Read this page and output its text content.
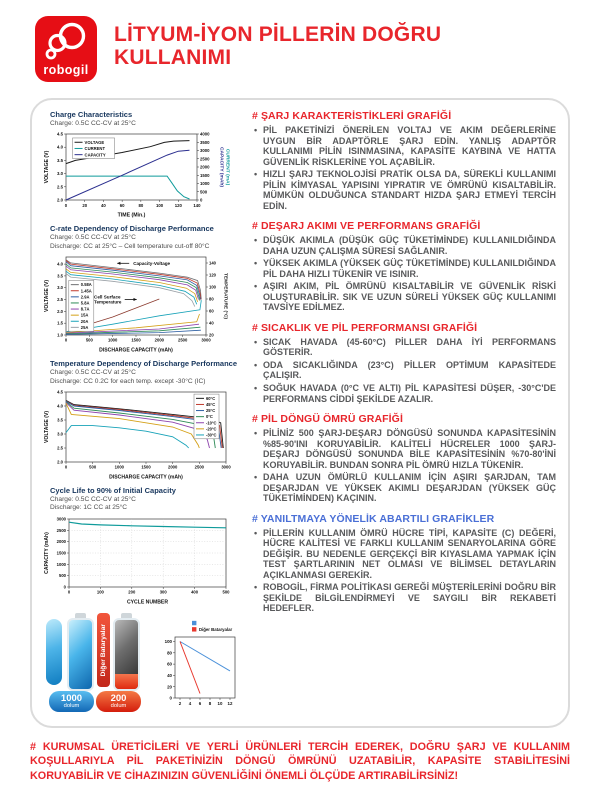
robogil
LİTYUM-İYON PİLLERİN DOĞRU
KULLANIMI
Charge Characteristics
Charge: 0.5C CC-CV at 25°C
0	20	40	60	80	100	120	140
2.0
2.5
3.0
3.5
4.0
4.5
0
500
1000
1500
2000
2500
3000
3500
4000
VOLTAGE
CURRENT
CAPACITY
TIME (Min.)
VOLTAGE (V)	CAPACITY (mAh) CURRENT (mA)
C-rate Dependency of Discharge Performance
Charge: 0.5C CC-CV at 25°C
Discharge: CC at 25°C – Cell temperature cut-off 80°C
0	500	1000	1500	2000	2500	3000
1.0
1.5
2.0
2.5
3.0
3.5
4.0
20
40
60
80
100
120
140
0.58A
1.45A
2.9A
5.8A
8.7A
15A
20A
25A
DISCHARGE CAPACITY (mAh)
VOLTAGE (V)	TEMPERATURE (°C)
Capacity-Voltage
Cell Surface Temperature
Temperature Dependency of Discharge Performance
Charge: 0.5C CC-CV at 25°C
Discharge: CC 0.2C for each temp. except -30°C (IC)
0	500	1000	1500	2000	2500	3000
2.0
2.5
3.0
3.5
4.0
4.5
60°C
45°C
25°C
0°C
-10°C
-20°C
-30°C
DISCHARGE CAPACITY (mAh)
VOLTAGE (V)
Cycle Life to 90% of Initial Capacity
Charge: 0.5C CC-CV at 25°C
Discharge: 1C CC at 25°C
0	100	200	300	400	500
0
500
1000
1500
2000
2500
3000
CYCLE NUMBER
CAPACITY (mAh)
Diğer Bataryalar
1000
dolum
200
dolum
2 4 6 8 10 12
0
20
40
60
80
100
Diğer Bataryalar
# ŞARJ KARAKTERİSTİKLERİ GRAFİĞİ
• PİL PAKETİNİZİ ÖNERİLEN VOLTAJ VE AKIM DEĞERLERİNE UYGUN BİR ADAPTÖRLE ŞARJ EDİN. YANLIŞ ADAPTÖR KULLANIMI PİLİN ISINMASINA, KAPASİTE KAYBINA VE HATTA GÜVENLİK RİSKLERİNE YOL AÇABİLİR.
• HIZLI ŞARJ TEKNOLOJİSİ PRATİK OLSA DA, SÜREKLİ KULLANIMI PİLİN KİMYASAL YAPISINI YIPRATIR VE ÖMRÜNÜ KISALTABİLİR. MÜMKÜN OLDUĞUNCA STANDART HIZDA ŞARJ ETMEYİ TERCİH EDİN.
# DEŞARJ AKIMI VE PERFORMANS GRAFİĞİ
• DÜŞÜK AKIMLA (DÜŞÜK GÜÇ TÜKETİMİNDE) KULLANILDIĞINDA DAHA UZUN ÇALIŞMA SÜRESİ SAĞLANIR.
• YÜKSEK AKIMLA (YÜKSEK GÜÇ TÜKETİMİNDE) KULLANILDIĞINDA PİL DAHA HIZLI TÜKENİR VE ISINIR.
• AŞIRI AKIM, PİL ÖMRÜNÜ KISALTABİLİR VE GÜVENLİK RİSKİ OLUŞTURABİLİR. SIK VE UZUN SÜRELİ YÜKSEK GÜÇ KULLANIMI TAVSİYE EDİLMEZ.
# SICAKLIK VE PİL PERFORMANSI GRAFİĞİ
• SICAK HAVADA (45-60°C) PİLLER DAHA İYİ PERFORMANS GÖSTERİR.
• ODA SICAKLIĞINDA (23°C) PİLLER OPTİMUM KAPASİTEDE ÇALIŞIR.
• SOĞUK HAVADA (0°C VE ALTI) PİL KAPASİTESİ DÜŞER, -30°C'DE PERFORMANS CİDDİ ŞEKİLDE AZALIR.
# PİL DÖNGÜ ÖMRÜ GRAFİĞİ
• PİLİNİZ 500 ŞARJ-DEŞARJ DÖNGÜSÜ SONUNDA KAPASİTESİNİN %85-90'INI KORUYABİLİR. KALİTELİ HÜCRELER 1000 ŞARJ-DEŞARJ DÖNGÜSÜ SONUNDA BİLE KAPASİTESİNİN %70-80'İNİ KORUYABİLİR. BUNDAN SONRA PİL ÖMRÜ HIZLA TÜKENİR.
• DAHA UZUN ÖMÜRLÜ KULLANIM İÇİN AŞIRI ŞARJDAN, TAM DEŞARJDAN VE YÜKSEK AKIMLI DEŞARJDAN (YÜKSEK GÜÇ TÜKETİMİNDEN) KAÇININ.
# YANILTMAYA YÖNELİK ABARTILI GRAFİKLER
• PİLLERİN KULLANIM ÖMRÜ HÜCRE TİPİ, KAPASİTE (C) DEĞERİ, HÜCRE KALİTESİ VE FARKLI KULLANIM SENARYOLARINA GÖRE DEĞİŞİR. BU NEDENLE GERÇEKÇİ BİR KIYASLAMA YAPMAK İÇİN TEST ŞARTLARININ NET OLMASI VE BİLİMSEL DETAYLARIN AÇIKLANMASI GEREKİR.
• ROBOGİL, FİRMA POLİTİKASI GEREĞİ MÜŞTERİLERİNİ DOĞRU BİR ŞEKİLDE BİLGİLENDİRMEYİ VE SAYGILI BİR REKABETİ HEDEFLER.

# KURUMSAL ÜRETİCİLERİ VE YERLİ ÜRÜNLERİ TERCİH EDEREK, DOĞRU ŞARJ VE KULLANIM KOŞULLARIYLA PİL PAKETİNİZİN DÖNGÜ ÖMRÜNÜ UZATABİLİR, KAPASİTE STABİLİTESİNİ KORUYABİLİR VE CİHAZINIZIN GÜVENLİĞİNİ ÖNEMLİ ÖLÇÜDE ARTIRABİLİRSİNİZ!
